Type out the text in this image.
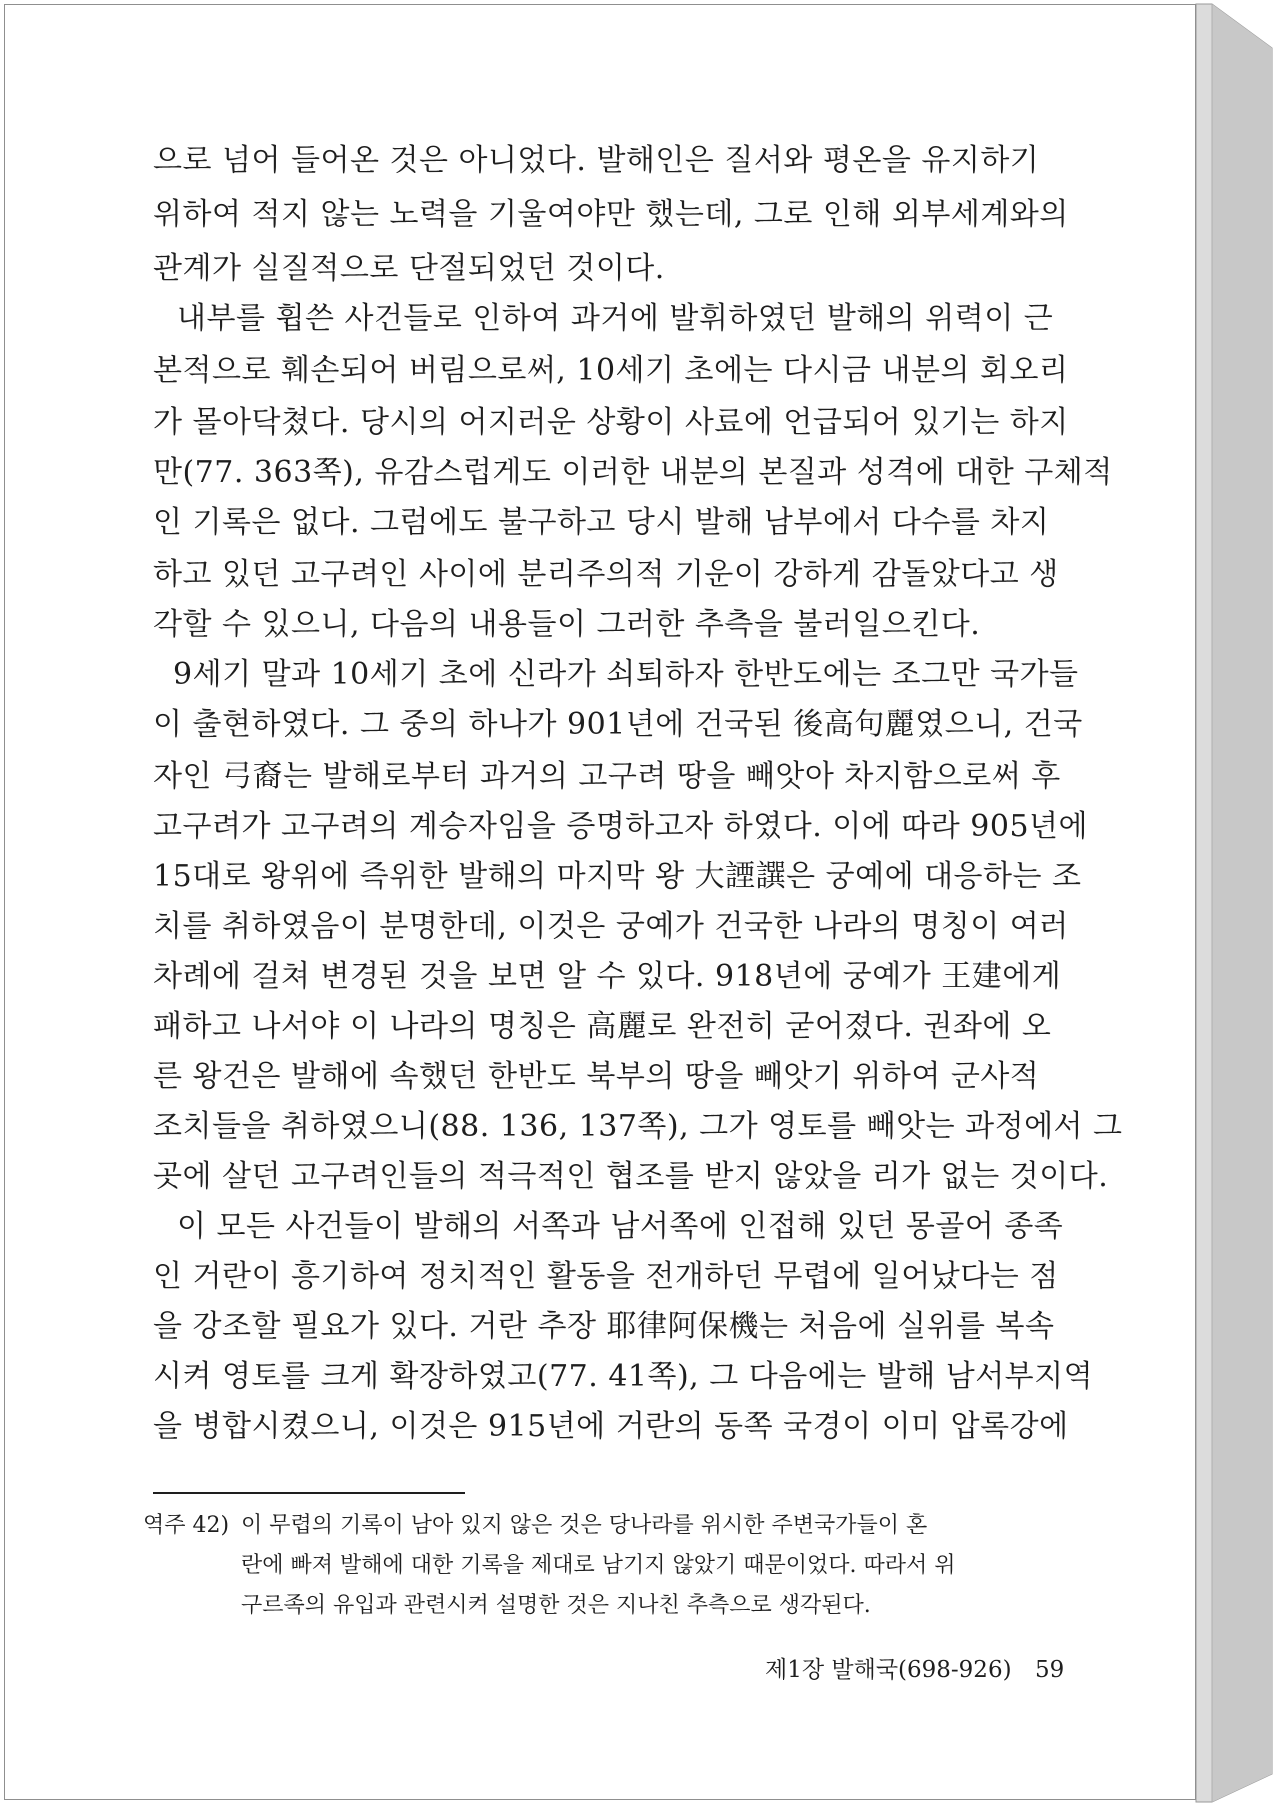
으로 넘어 들어온 것은 아니었다. 발해인은 질서와 평온을 유지하기
위하여 적지 않는 노력을 기울여야만 했는데, 그로 인해 외부세계와의
관계가 실질적으로 단절되었던 것이다.
내부를 휩쓴 사건들로 인하여 과거에 발휘하였던 발해의 위력이 근
본적으로 훼손되어 버림으로써, 10세기 초에는 다시금 내분의 회오리
가 몰아닥쳤다. 당시의 어지러운 상황이 사료에 언급되어 있기는 하지
만(77. 363쪽), 유감스럽게도 이러한 내분의 본질과 성격에 대한 구체적
인 기록은 없다. 그럼에도 불구하고 당시 발해 남부에서 다수를 차지
하고 있던 고구려인 사이에 분리주의적 기운이 강하게 감돌았다고 생
각할 수 있으니, 다음의 내용들이 그러한 추측을 불러일으킨다.
9세기 말과 10세기 초에 신라가 쇠퇴하자 한반도에는 조그만 국가들
이 출현하였다. 그 중의 하나가 901년에 건국된 後高句麗였으니, 건국
자인 弓裔는 발해로부터 과거의 고구려 땅을 빼앗아 차지함으로써 후
고구려가 고구려의 계승자임을 증명하고자 하였다. 이에 따라 905년에
15대로 왕위에 즉위한 발해의 마지막 왕 大諲譔은 궁예에 대응하는 조
치를 취하였음이 분명한데, 이것은 궁예가 건국한 나라의 명칭이 여러
차례에 걸쳐 변경된 것을 보면 알 수 있다. 918년에 궁예가 王建에게
패하고 나서야 이 나라의 명칭은 高麗로 완전히 굳어졌다. 권좌에 오
른 왕건은 발해에 속했던 한반도 북부의 땅을 빼앗기 위하여 군사적
조치들을 취하였으니(88. 136, 137쪽), 그가 영토를 빼앗는 과정에서 그
곳에 살던 고구려인들의 적극적인 협조를 받지 않았을 리가 없는 것이다.
이 모든 사건들이 발해의 서쪽과 남서쪽에 인접해 있던 몽골어 종족
인 거란이 흥기하여 정치적인 활동을 전개하던 무렵에 일어났다는 점
을 강조할 필요가 있다. 거란 추장 耶律阿保機는 처음에 실위를 복속
시켜 영토를 크게 확장하였고(77. 41쪽), 그 다음에는 발해 남서부지역
을 병합시켰으니, 이것은 915년에 거란의 동쪽 국경이 이미 압록강에
역주 42) 이 무렵의 기록이 남아 있지 않은 것은 당나라를 위시한 주변국가들이 혼
란에 빠져 발해에 대한 기록을 제대로 남기지 않았기 때문이었다. 따라서 위
구르족의 유입과 관련시켜 설명한 것은 지나친 추측으로 생각된다.
제1장 발해국(698-926) 59
